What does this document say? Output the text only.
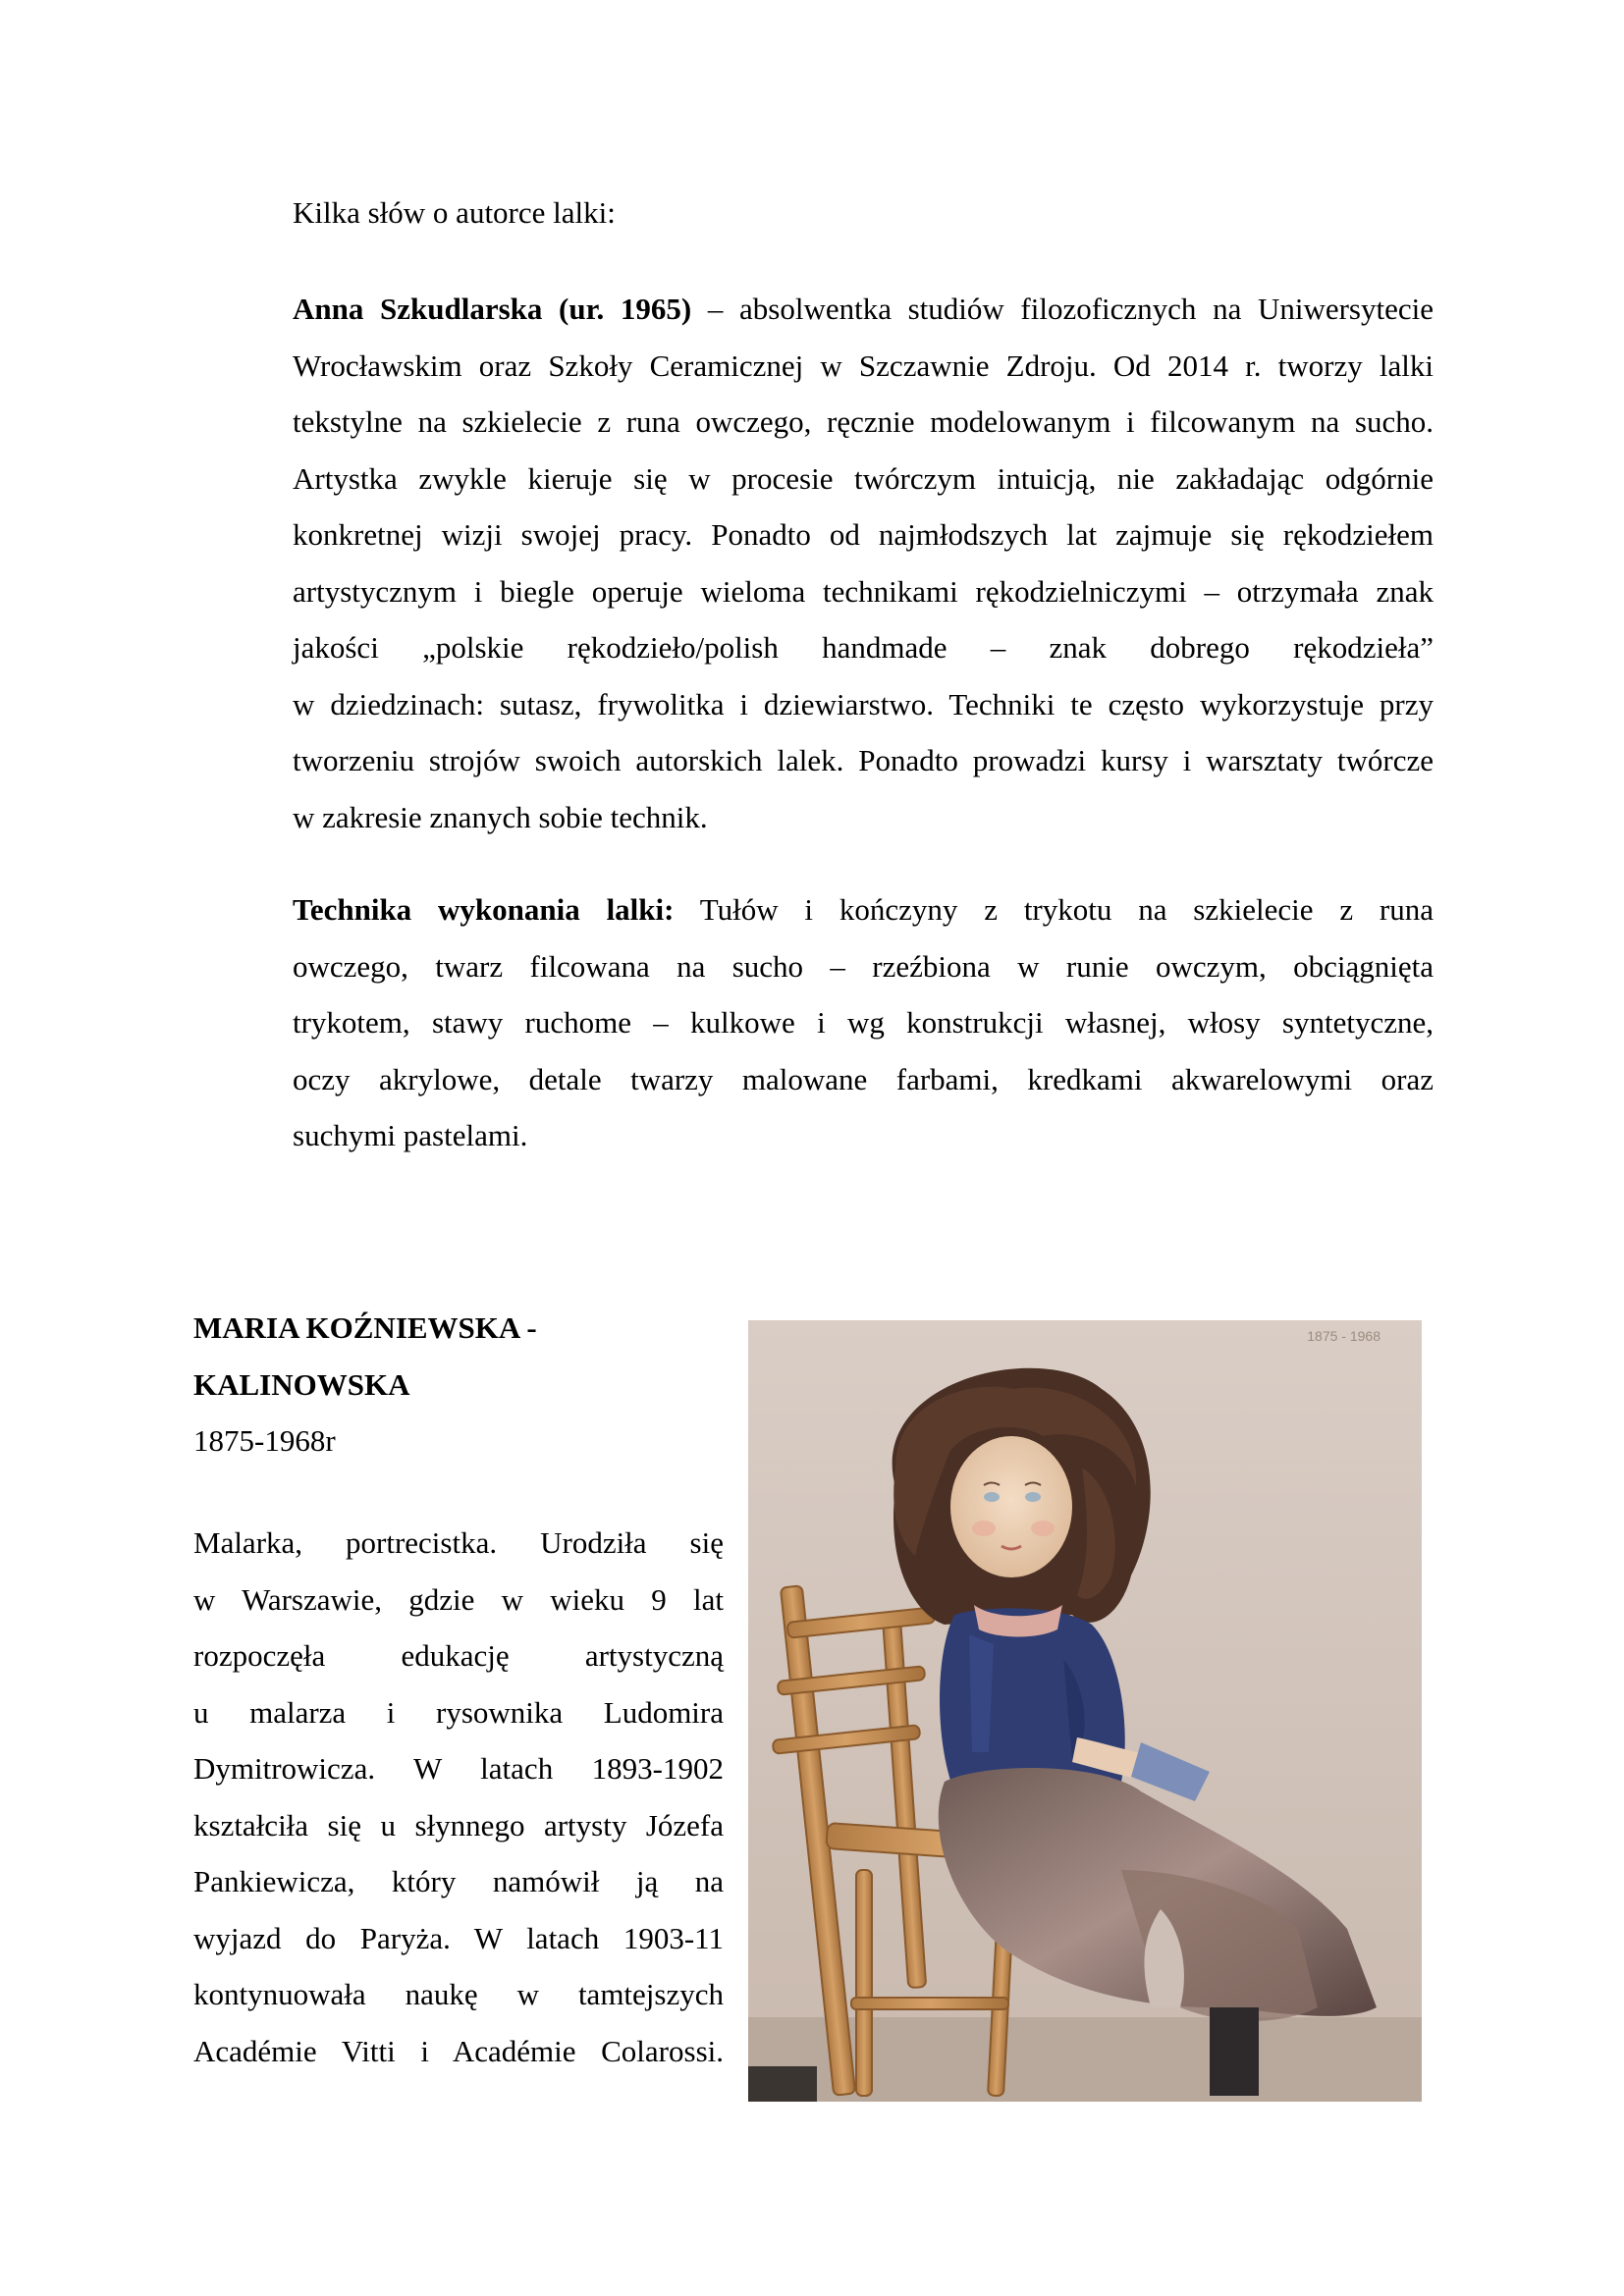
Kilka słów o autorce lalki:
Anna Szkudlarska (ur. 1965) – absolwentka studiów filozoficznych na Uniwersytecie
Wrocławskim oraz Szkoły Ceramicznej w Szczawnie Zdroju. Od 2014 r. tworzy lalki
tekstylne na szkielecie z runa owczego, ręcznie modelowanym i filcowanym na sucho.
Artystka zwykle kieruje się w procesie twórczym intuicją, nie zakładając odgórnie
konkretnej wizji swojej pracy. Ponadto od najmłodszych lat zajmuje się rękodziełem
artystycznym i biegle operuje wieloma technikami rękodzielniczymi – otrzymała znak
jakości „polskie rękodzieło/polish handmade – znak dobrego rękodzieła”
w dziedzinach: sutasz, frywolitka i dziewiarstwo. Techniki te często wykorzystuje przy
tworzeniu strojów swoich autorskich lalek. Ponadto prowadzi kursy i warsztaty twórcze
w zakresie znanych sobie technik.
Technika wykonania lalki: Tułów i kończyny z trykotu na szkielecie z runa
owczego, twarz filcowana na sucho – rzeźbiona w runie owczym, obciągnięta
trykotem, stawy ruchome – kulkowe i wg konstrukcji własnej, włosy syntetyczne,
oczy akrylowe, detale twarzy malowane farbami, kredkami akwarelowymi oraz
suchymi pastelami.
MARIA KOŹNIEWSKA -
KALINOWSKA
1875-1968r
Malarka, portrecistka. Urodziła się
w Warszawie, gdzie w wieku 9 lat
rozpoczęła edukację artystyczną
u malarza i rysownika Ludomira
Dymitrowicza. W latach 1893-1902
kształciła się u słynnego artysty Józefa
Pankiewicza, który namówił ją na
wyjazd do Paryża. W latach 1903-11
kontynuowała naukę w tamtejszych
Académie Vitti i Académie Colarossi.
1875 - 1968
